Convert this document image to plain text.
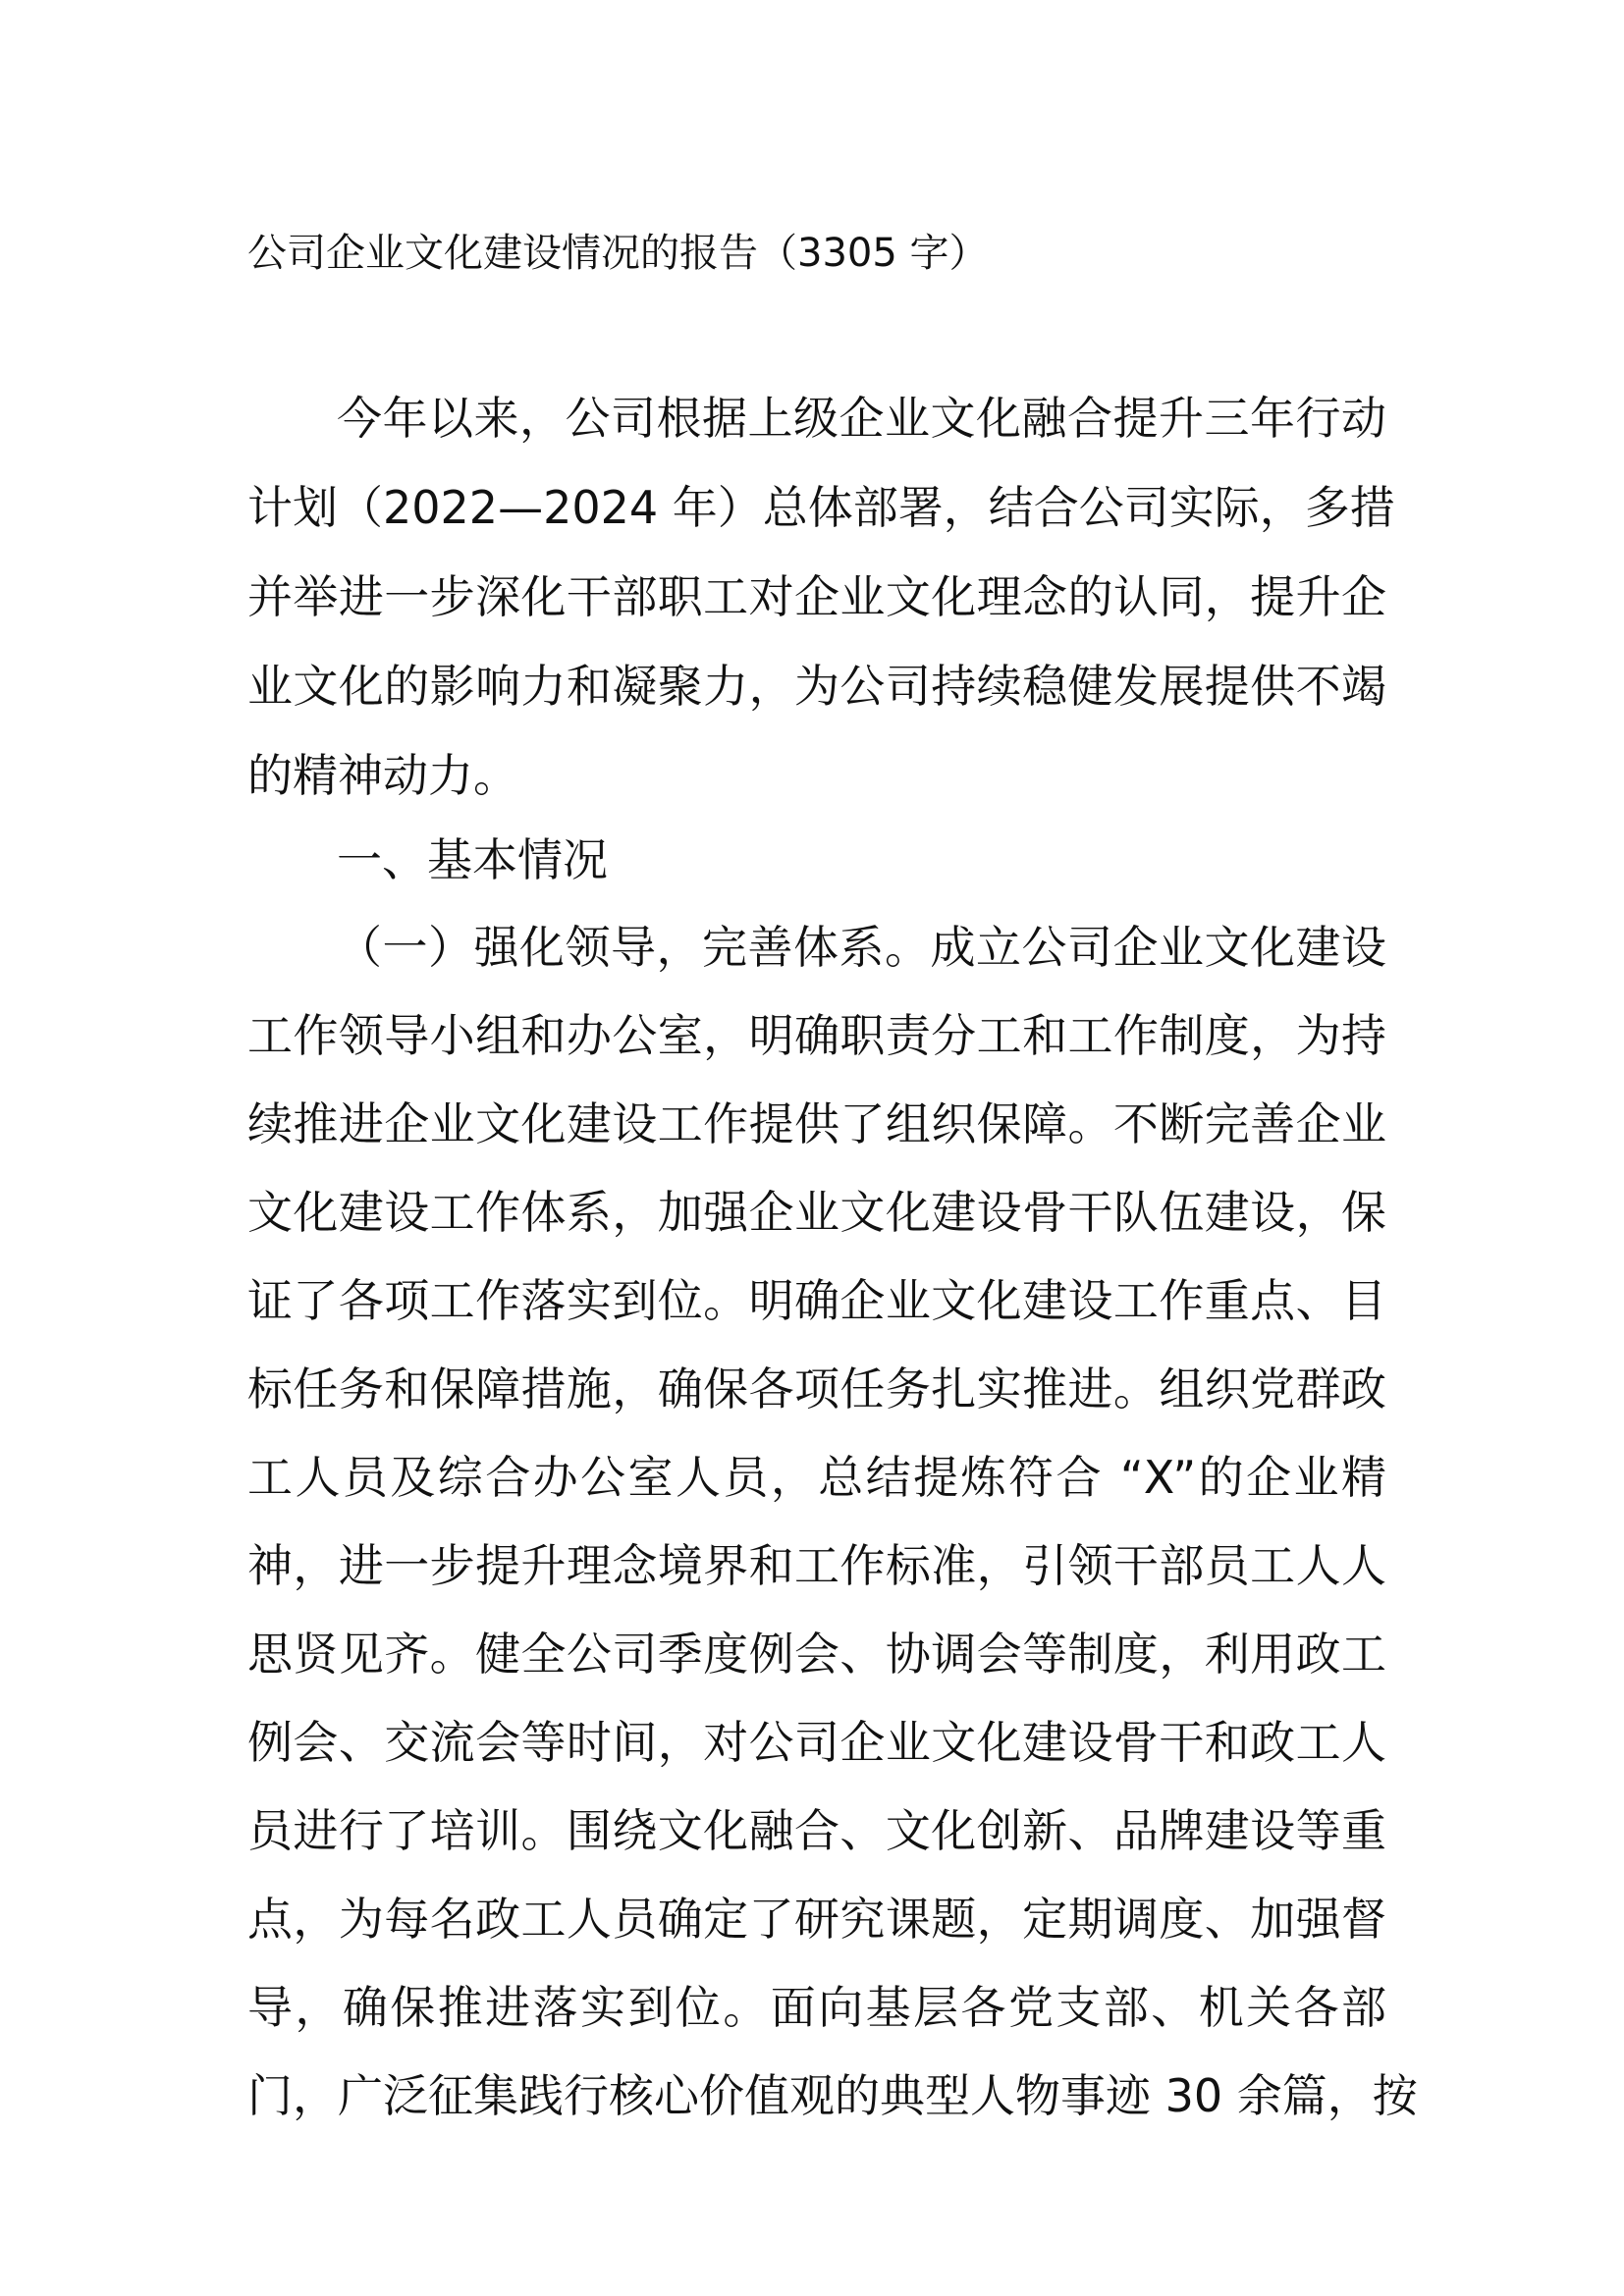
公司企业文化建设情况的报告（3305 字）
今年以来，公司根据上级企业文化融合提升三年行动
计划（2022—2024 年）总体部署，结合公司实际，多措
并举进一步深化干部职工对企业文化理念的认同，提升企
业文化的影响力和凝聚力，为公司持续稳健发展提供不竭
的精神动力。
一、基本情况
（一）强化领导，完善体系。成立公司企业文化建设
工作领导小组和办公室，明确职责分工和工作制度，为持
续推进企业文化建设工作提供了组织保障。不断完善企业
文化建设工作体系，加强企业文化建设骨干队伍建设，保
证了各项工作落实到位。明确企业文化建设工作重点、目
标任务和保障措施，确保各项任务扎实推进。组织党群政
工人员及综合办公室人员，总结提炼符合 “X”的企业精
神，进一步提升理念境界和工作标准，引领干部员工人人
思贤见齐。健全公司季度例会、协调会等制度，利用政工
例会、交流会等时间，对公司企业文化建设骨干和政工人
员进行了培训。围绕文化融合、文化创新、品牌建设等重
点，为每名政工人员确定了研究课题，定期调度、加强督
导，确保推进落实到位。面向基层各党支部、机关各部
门，广泛征集践行核心价值观的典型人物事迹 30 余篇，按
